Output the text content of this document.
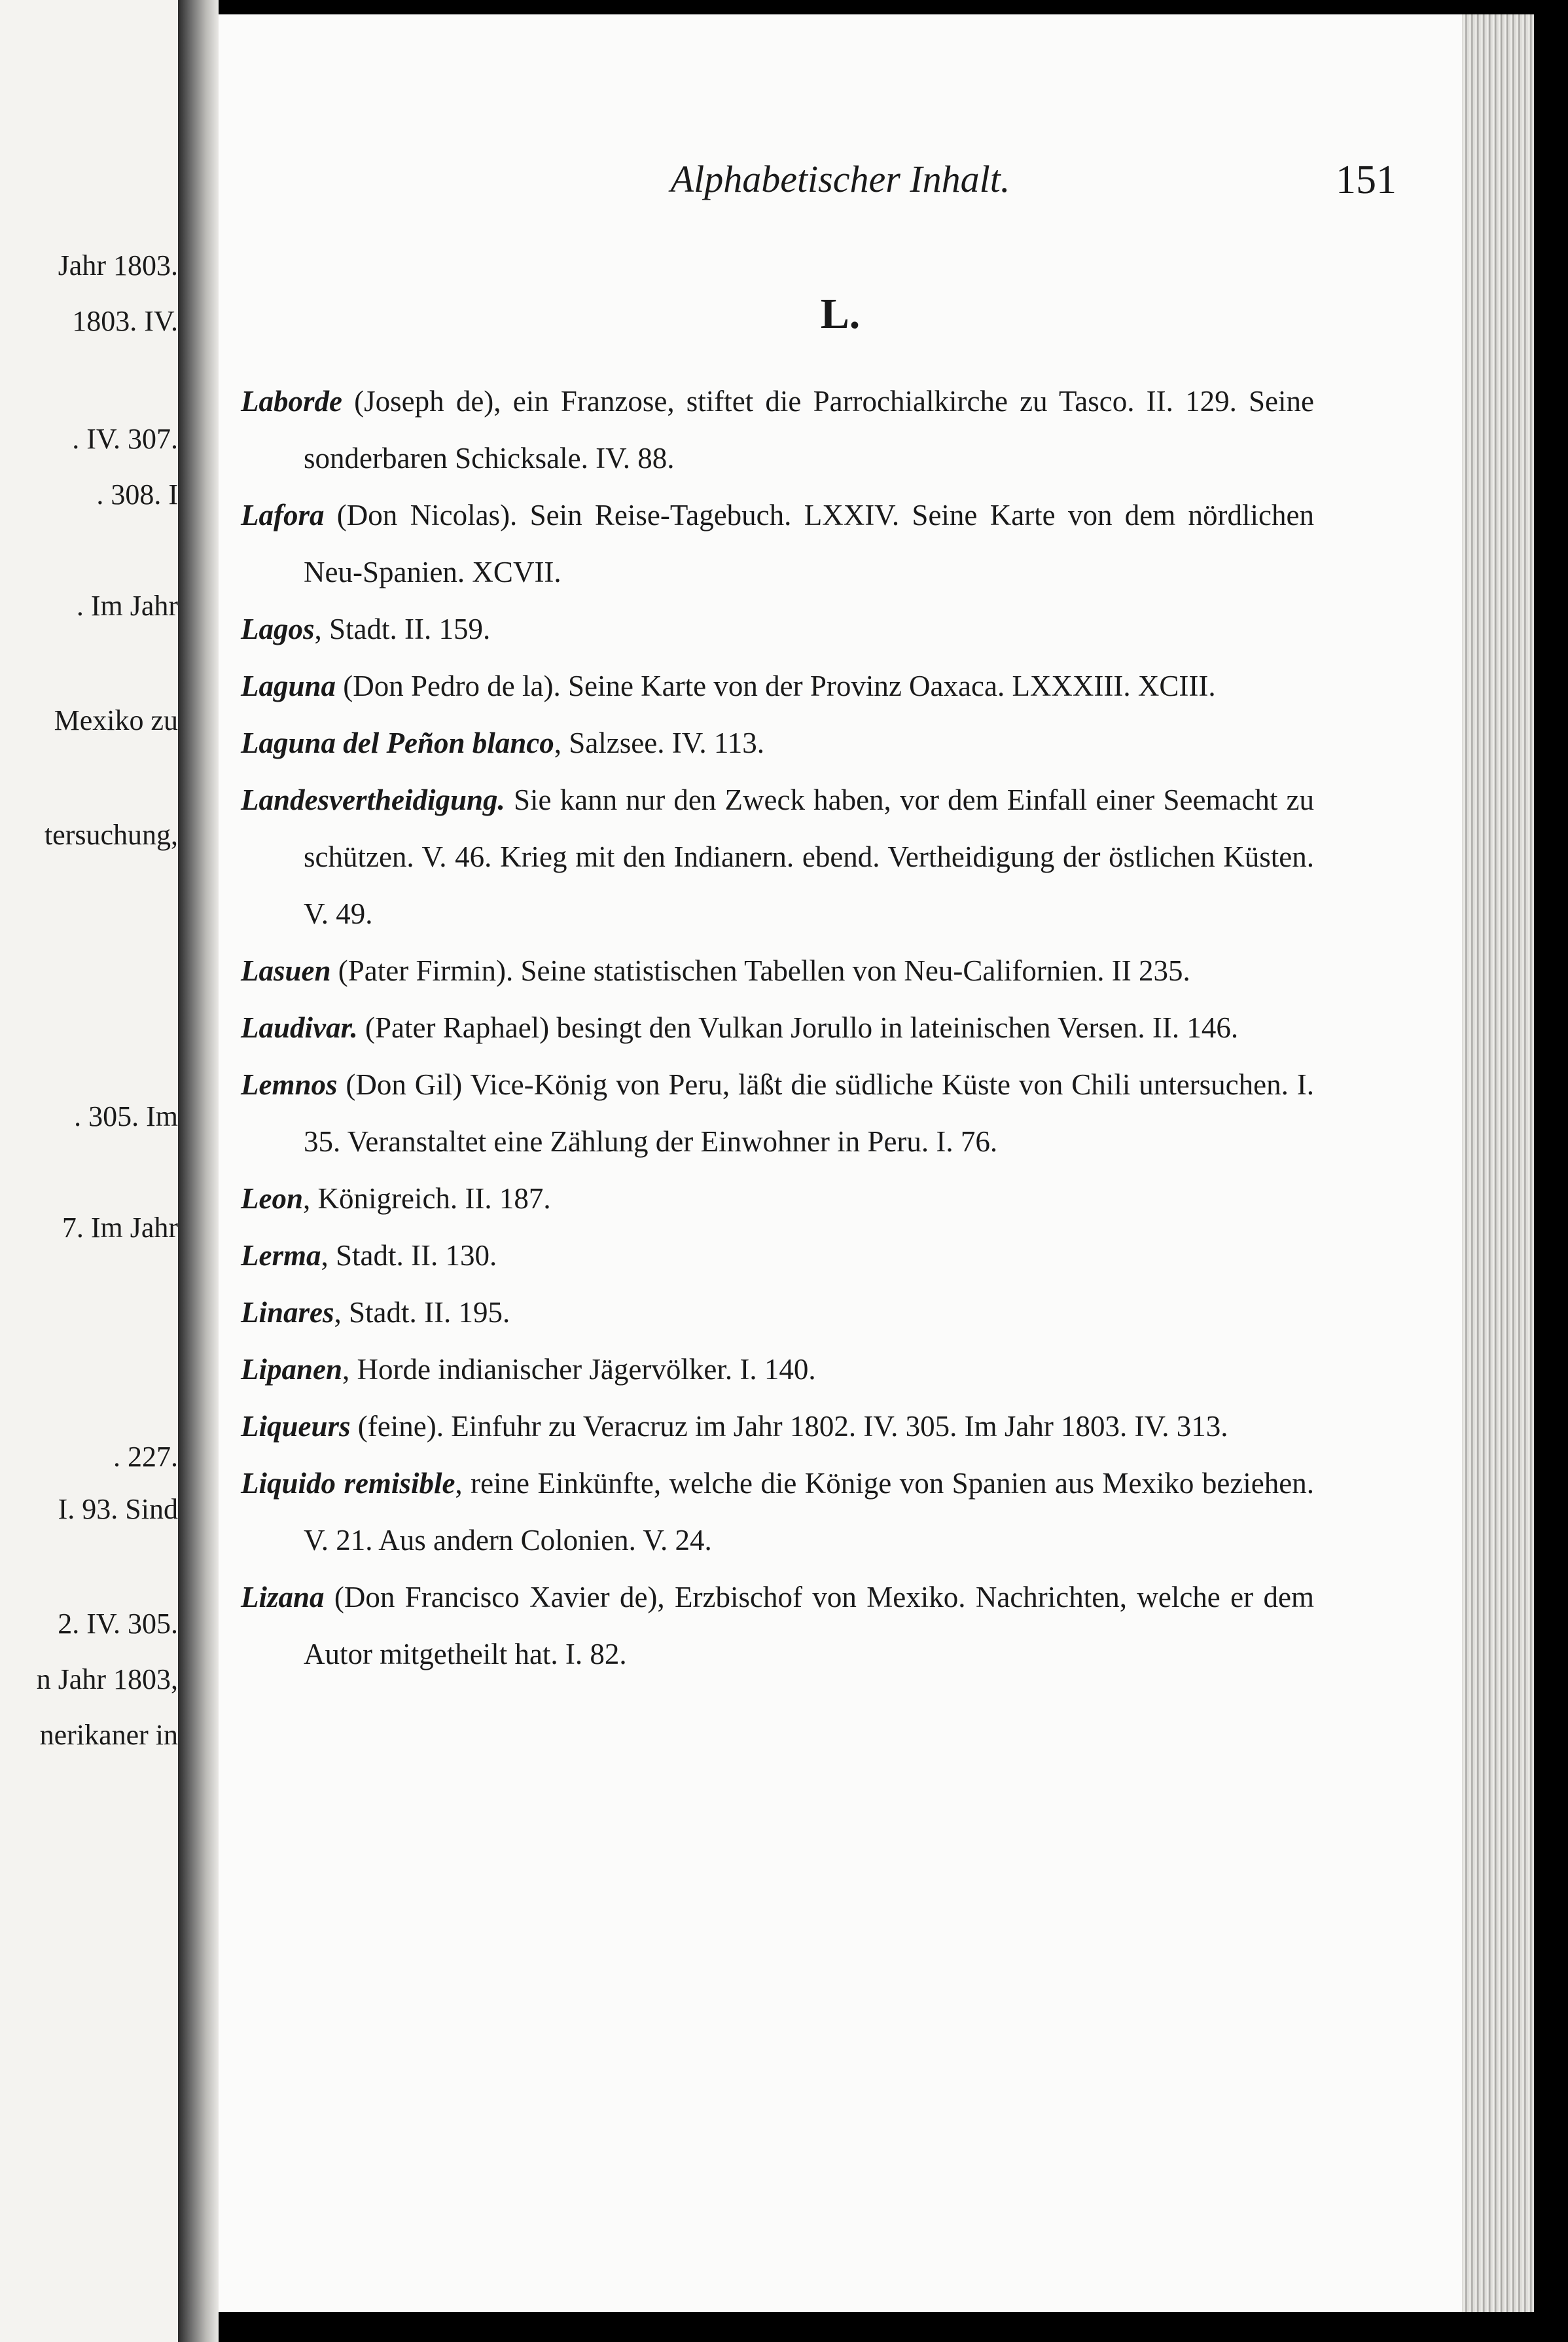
Jahr 1803.
1803. IV.
. IV. 307.
. 308. I
. Im Jahr
Mexiko zu
tersuchung,
. 305. Im
7. Im Jahr
. 227.
I. 93. Sind
2. IV. 305.
n Jahr 1803,
nerikaner in
Alphabetischer Inhalt.	151
L.
Laborde (Joseph de), ein Franzose, stiftet die Parrochialkirche zu Tasco. II. 129. Seine sonderbaren Schicksale. IV. 88.
Lafora (Don Nicolas). Sein Reise-Tagebuch. LXXIV. Seine Karte von dem nördlichen Neu-Spanien. XCVII.
Lagos, Stadt. II. 159.
Laguna (Don Pedro de la). Seine Karte von der Provinz Oaxaca. LXXXIII. XCIII.
Laguna del Peñon blanco, Salzsee. IV. 113.
Landesvertheidigung. Sie kann nur den Zweck haben, vor dem Einfall einer Seemacht zu schützen. V. 46. Krieg mit den Indianern. ebend. Vertheidigung der östlichen Küsten. V. 49.
Lasuen (Pater Firmin). Seine statistischen Tabellen von Neu-Californien. II 235.
Laudivar. (Pater Raphael) besingt den Vulkan Jorullo in lateinischen Versen. II. 146.
Lemnos (Don Gil) Vice-König von Peru, läßt die südliche Küste von Chili untersuchen. I. 35. Veranstaltet eine Zählung der Einwohner in Peru. I. 76.
Leon, Königreich. II. 187.
Lerma, Stadt. II. 130.
Linares, Stadt. II. 195.
Lipanen, Horde indianischer Jägervölker. I. 140.
Liqueurs (feine). Einfuhr zu Veracruz im Jahr 1802. IV. 305. Im Jahr 1803. IV. 313.
Liquido remisible, reine Einkünfte, welche die Könige von Spanien aus Mexiko beziehen. V. 21. Aus andern Colonien. V. 24.
Lizana (Don Francisco Xavier de), Erzbischof von Mexiko. Nachrichten, welche er dem Autor mitgetheilt hat. I. 82.
